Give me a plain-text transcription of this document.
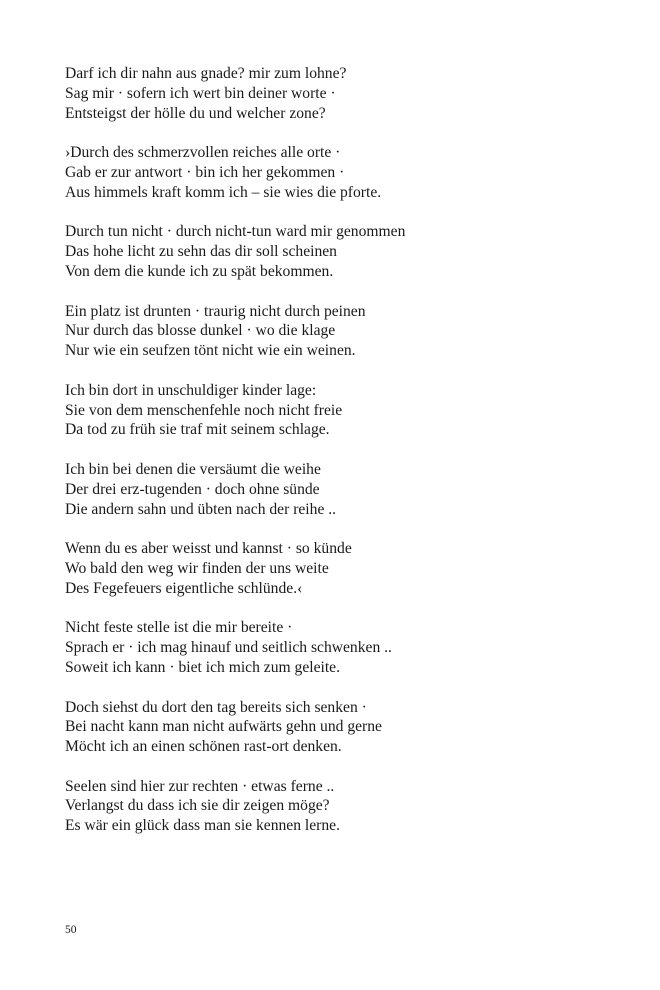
Darf ich dir nahn aus gnade? mir zum lohne?
Sag mir · sofern ich wert bin deiner worte ·
Entsteigst der hölle du und welcher zone?
›Durch des schmerzvollen reiches alle orte ·
Gab er zur antwort · bin ich her gekommen ·
Aus himmels kraft komm ich – sie wies die pforte.
Durch tun nicht · durch nicht-tun ward mir genommen
Das hohe licht zu sehn das dir soll scheinen
Von dem die kunde ich zu spät bekommen.
Ein platz ist drunten · traurig nicht durch peinen
Nur durch das blosse dunkel · wo die klage
Nur wie ein seufzen tönt nicht wie ein weinen.
Ich bin dort in unschuldiger kinder lage:
Sie von dem menschenfehle noch nicht freie
Da tod zu früh sie traf mit seinem schlage.
Ich bin bei denen die versäumt die weihe
Der drei erz-tugenden · doch ohne sünde
Die andern sahn und übten nach der reihe ..
Wenn du es aber weisst und kannst · so künde
Wo bald den weg wir finden der uns weite
Des Fegefeuers eigentliche schlünde.‹
Nicht feste stelle ist die mir bereite ·
Sprach er · ich mag hinauf und seitlich schwenken ..
Soweit ich kann · biet ich mich zum geleite.
Doch siehst du dort den tag bereits sich senken ·
Bei nacht kann man nicht aufwärts gehn und gerne
Möcht ich an einen schönen rast-ort denken.
Seelen sind hier zur rechten · etwas ferne ..
Verlangst du dass ich sie dir zeigen möge?
Es wär ein glück dass man sie kennen lerne.
50
